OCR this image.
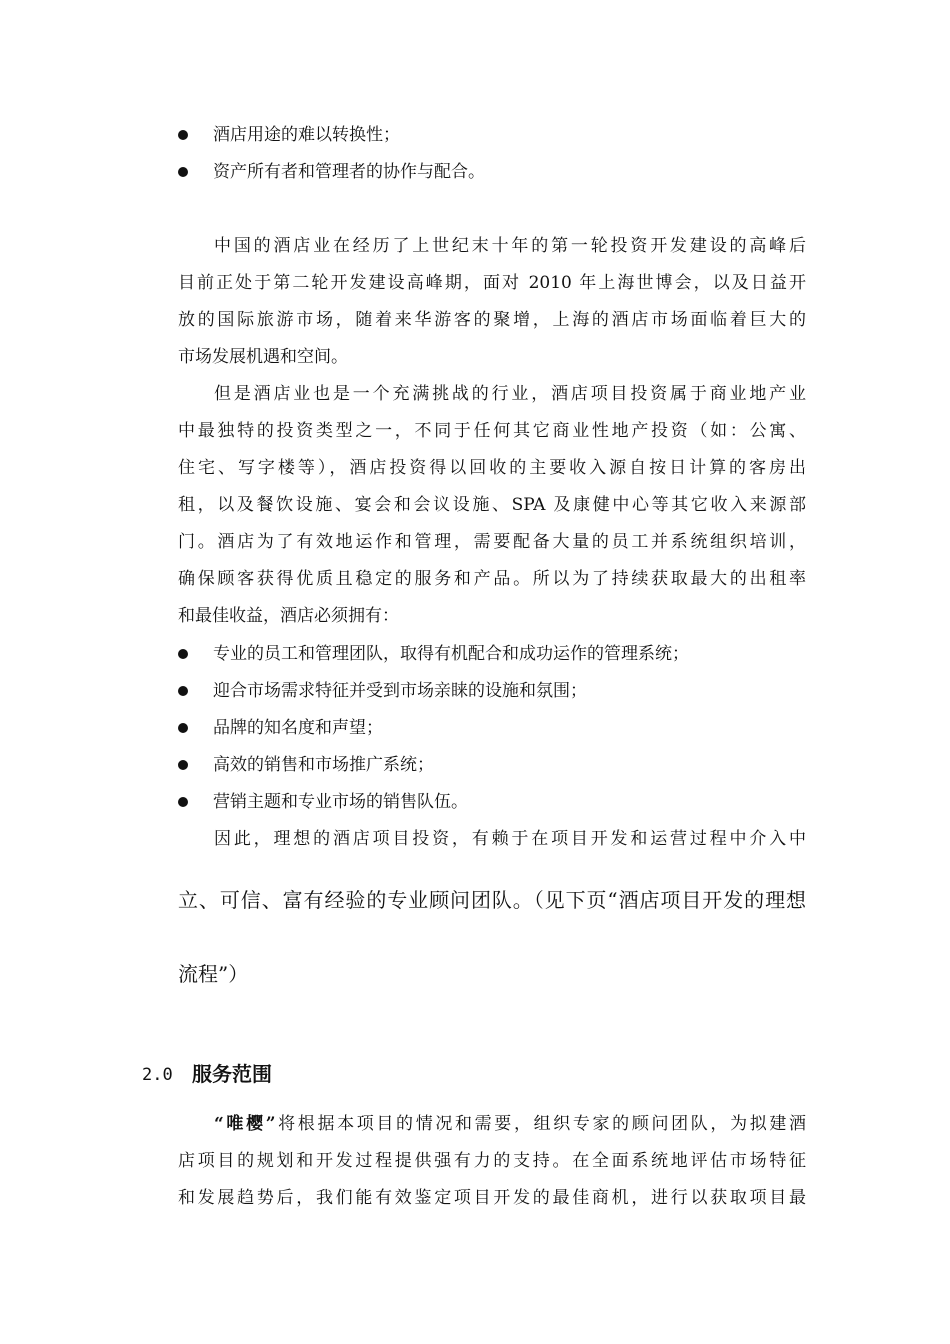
酒店用途的难以转换性；
资产所有者和管理者的协作与配合。
中国的酒店业在经历了上世纪末十年的第一轮投资开发建设的高峰后
目前正处于第二轮开发建设高峰期，面对 2010 年上海世博会，以及日益开
放的国际旅游市场，随着来华游客的聚增，上海的酒店市场面临着巨大的
市场发展机遇和空间。
但是酒店业也是一个充满挑战的行业，酒店项目投资属于商业地产业
中最独特的投资类型之一，不同于任何其它商业性地产投资（如：公寓、
住宅、写字楼等），酒店投资得以回收的主要收入源自按日计算的客房出
租，以及餐饮设施、宴会和会议设施、SPA 及康健中心等其它收入来源部
门。酒店为了有效地运作和管理，需要配备大量的员工并系统组织培训，
确保顾客获得优质且稳定的服务和产品。所以为了持续获取最大的出租率
和最佳收益，酒店必须拥有：
专业的员工和管理团队，取得有机配合和成功运作的管理系统；
迎合市场需求特征并受到市场亲睐的设施和氛围；
品牌的知名度和声望；
高效的销售和市场推广系统；
营销主题和专业市场的销售队伍。
因此，理想的酒店项目投资，有赖于在项目开发和运营过程中介入中
立、可信、富有经验的专业顾问团队。（见下页“酒店项目开发的理想
流程”）
2.0 服务范围
“唯樱”将根据本项目的情况和需要，组织专家的顾问团队，为拟建酒
店项目的规划和开发过程提供强有力的支持。在全面系统地评估市场特征
和发展趋势后，我们能有效鉴定项目开发的最佳商机，进行以获取项目最
